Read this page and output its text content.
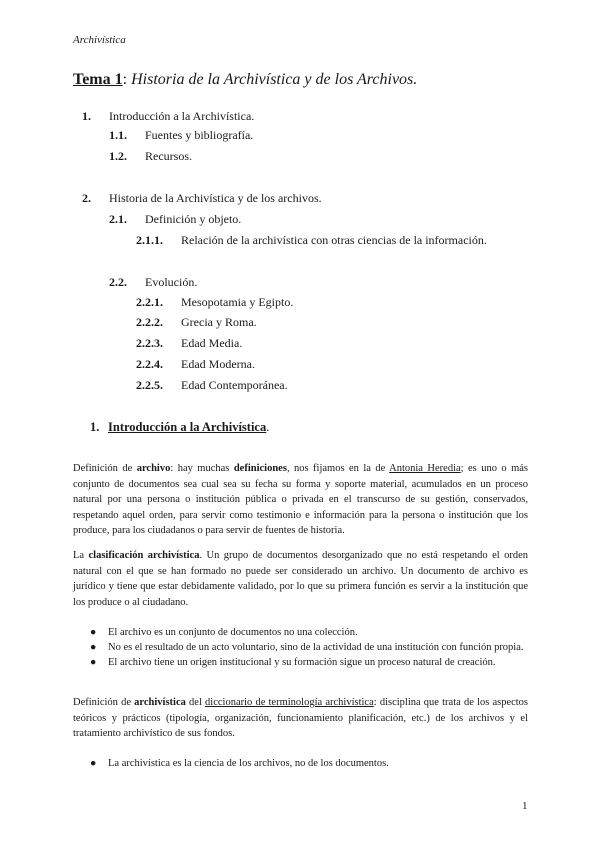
Archivística
Tema 1: Historia de la Archivística y de los Archivos.
1. Introducción a la Archivística.
1.1. Fuentes y bibliografía.
1.2. Recursos.
2. Historia de la Archivística y de los archivos.
2.1. Definición y objeto.
2.1.1. Relación de la archivística con otras ciencias de la información.
2.2. Evolución.
2.2.1. Mesopotamia y Egipto.
2.2.2. Grecia y Roma.
2.2.3. Edad Media.
2.2.4. Edad Moderna.
2.2.5. Edad Contemporánea.
1. Introducción a la Archivística.
Definición de archivo: hay muchas definiciones, nos fijamos en la de Antonia Heredia; es uno o más conjunto de documentos sea cual sea su fecha su forma y soporte material, acumulados en un proceso natural por una persona o institución pública o privada en el transcurso de su gestión, conservados, respetando aquel orden, para servir como testimonio e información para la persona o institución que los produce, para los ciudadanos o para servir de fuentes de historia.
La clasificación archivística. Un grupo de documentos desorganizado que no está respetando el orden natural con el que se han formado no puede ser considerado un archivo. Un documento de archivo es jurídico y tiene que estar debidamente validado, por lo que su primera función es servir a la institución que los produce o al ciudadano.
● El archivo es un conjunto de documentos no una colección.
● No es el resultado de un acto voluntario, sino de la actividad de una institución con función propia.
● El archivo tiene un origen institucional y su formación sigue un proceso natural de creación.
Definición de archivística del diccionario de terminología archivística: disciplina que trata de los aspectos teóricos y prácticos (tipología, organización, funcionamiento planificación, etc.) de los archivos y el tratamiento archivístico de sus fondos.
● La archivística es la ciencia de los archivos, no de los documentos.
1
